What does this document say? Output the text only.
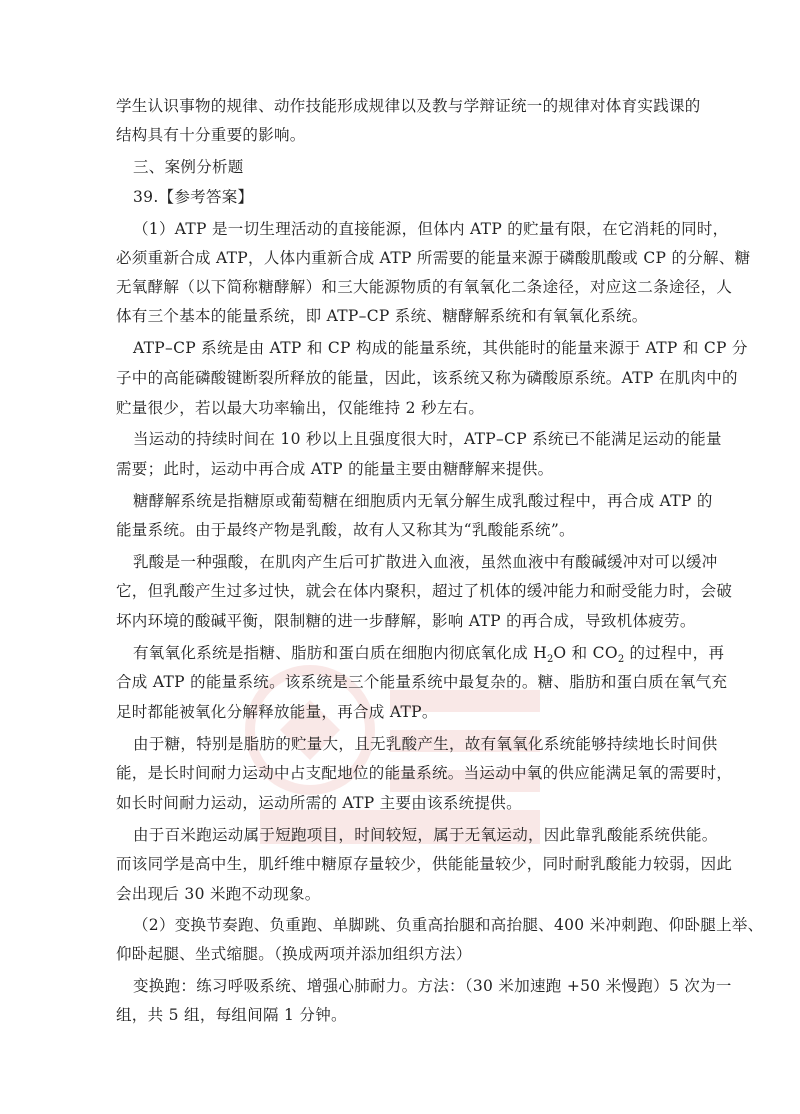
学生认识事物的规律、动作技能形成规律以及教与学辩证统一的规律对体育实践课的
结构具有十分重要的影响。
三、案例分析题
39.【参考答案】
（1）ATP 是一切生理活动的直接能源，但体内 ATP 的贮量有限，在它消耗的同时，
必须重新合成 ATP，人体内重新合成 ATP 所需要的能量来源于磷酸肌酸或 CP 的分解、糖
无氧酵解（以下简称糖酵解）和三大能源物质的有氧氧化二条途径，对应这二条途径，人
体有三个基本的能量系统，即 ATP–CP 系统、糖酵解系统和有氧氧化系统。
ATP–CP 系统是由 ATP 和 CP 构成的能量系统，其供能时的能量来源于 ATP 和 CP 分
子中的高能磷酸键断裂所释放的能量，因此，该系统又称为磷酸原系统。ATP 在肌肉中的
贮量很少，若以最大功率输出，仅能维持 2 秒左右。
当运动的持续时间在 10 秒以上且强度很大时，ATP–CP 系统已不能满足运动的能量
需要；此时，运动中再合成 ATP 的能量主要由糖酵解来提供。
糖酵解系统是指糖原或葡萄糖在细胞质内无氧分解生成乳酸过程中，再合成 ATP 的
能量系统。由于最终产物是乳酸，故有人又称其为“乳酸能系统”。
乳酸是一种强酸，在肌肉产生后可扩散进入血液，虽然血液中有酸碱缓冲对可以缓冲
它，但乳酸产生过多过快，就会在体内聚积，超过了机体的缓冲能力和耐受能力时，会破
坏内环境的酸碱平衡，限制糖的进一步酵解，影响 ATP 的再合成，导致机体疲劳。
有氧氧化系统是指糖、脂肪和蛋白质在细胞内彻底氧化成 $H_2O$ 和 $CO_2$ 的过程中，再
合成 ATP 的能量系统。该系统是三个能量系统中最复杂的。糖、脂肪和蛋白质在氧气充
足时都能被氧化分解释放能量，再合成 ATP。
由于糖，特别是脂肪的贮量大，且无乳酸产生，故有氧氧化系统能够持续地长时间供
能，是长时间耐力运动中占支配地位的能量系统。当运动中氧的供应能满足氧的需要时，
如长时间耐力运动，运动所需的 ATP 主要由该系统提供。
由于百米跑运动属于短跑项目，时间较短，属于无氧运动，因此靠乳酸能系统供能。
而该同学是高中生，肌纤维中糖原存量较少，供能能量较少，同时耐乳酸能力较弱，因此
会出现后 30 米跑不动现象。
（2）变换节奏跑、负重跑、单脚跳、负重高抬腿和高抬腿、400 米冲刺跑、仰卧腿上举、
仰卧起腿、坐式缩腿。（换成两项并添加组织方法）
变换跑：练习呼吸系统、增强心肺耐力。方法：（30 米加速跑 +50 米慢跑）5 次为一
组，共 5 组，每组间隔 1 分钟。
